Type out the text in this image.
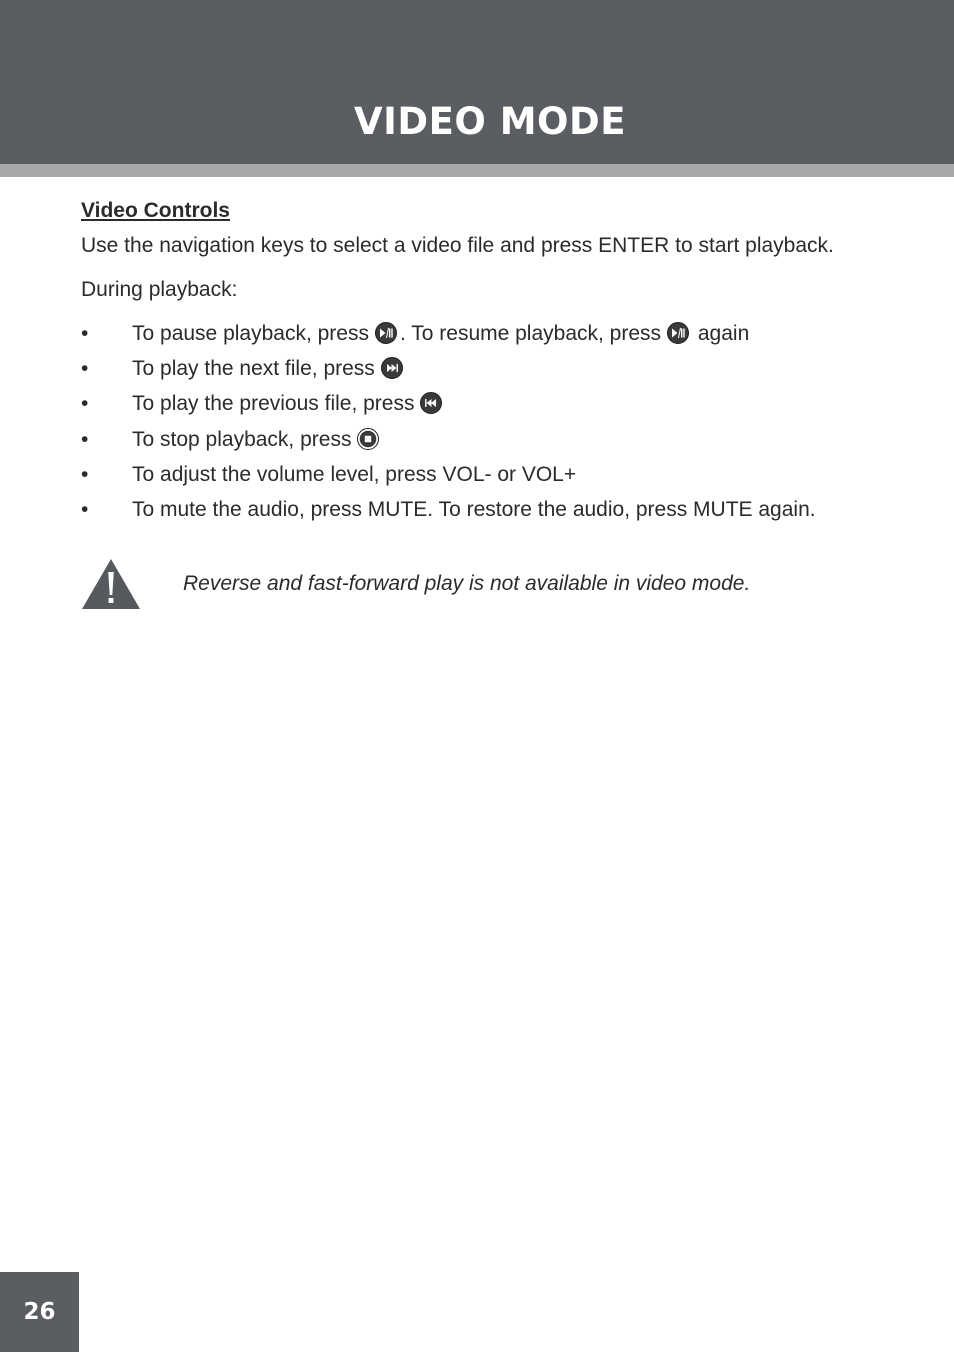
VIDEO MODE
Video Controls
Use the navigation keys to select a video file and press ENTER to start playback.
During playback:
• To pause playback, press . To resume playback, press
again
• To play the next file, press
• To play the previous file, press
• To stop playback, press
• To adjust the volume level, press VOL- or VOL+
• To mute the audio, press MUTE. To restore the audio, press MUTE again.
Reverse and fast-forward play is not available in video mode.
26
